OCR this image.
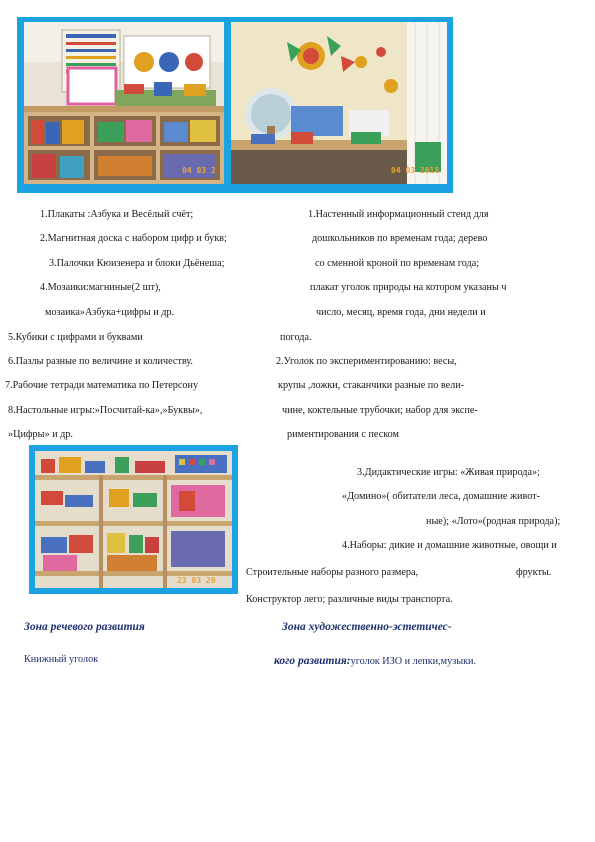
04 03 2	04 03 2018
1.Плакаты :Азбука и Весёлый счёт;
2.Магнитная доска с набором цифр и букв;
3.Палочки Кюизенера и блоки Дьёнеша;
4.Мозаики:магниные(2 шт),
мозаика»Азбука+цифры и др.
5.Кубики с цифрами и буквами
6.Пазлы разные по величине и количеству.
7.Рабочие тетради математика по Петерсону
8.Настольные игры:»Посчитай-ка»,»Буквы»,
»Цифры» и др.
1.Настенный информационный стенд для
дошкольников по временам года; дерево
со сменной кроной по временам года;
плакат уголок природы на котором указаны ч
число, месяц, время года, дни недели и
погода.
2.Уголок по экспериментированию: весы,
крупы ,ложки, стаканчики разные по вели-
чине, коктельные трубочки; набор для экспе-
риментирования с песком
23 03 20
3.Дидактические игры: «Живая природа»;
«Домино»( обитатели леса, домашние живот-
ные); «Лото»(родная природа);
4.Наборы: дикие и домашние животные, овощи и
Строительные наборы разного размера,	фрукты.
Конструктор лего; различные виды транспорта.
Зона речевого развития
Книжный уголок
Зона художественно-эстетичес-
кого развития:уголок ИЗО и лепки,музыки.
